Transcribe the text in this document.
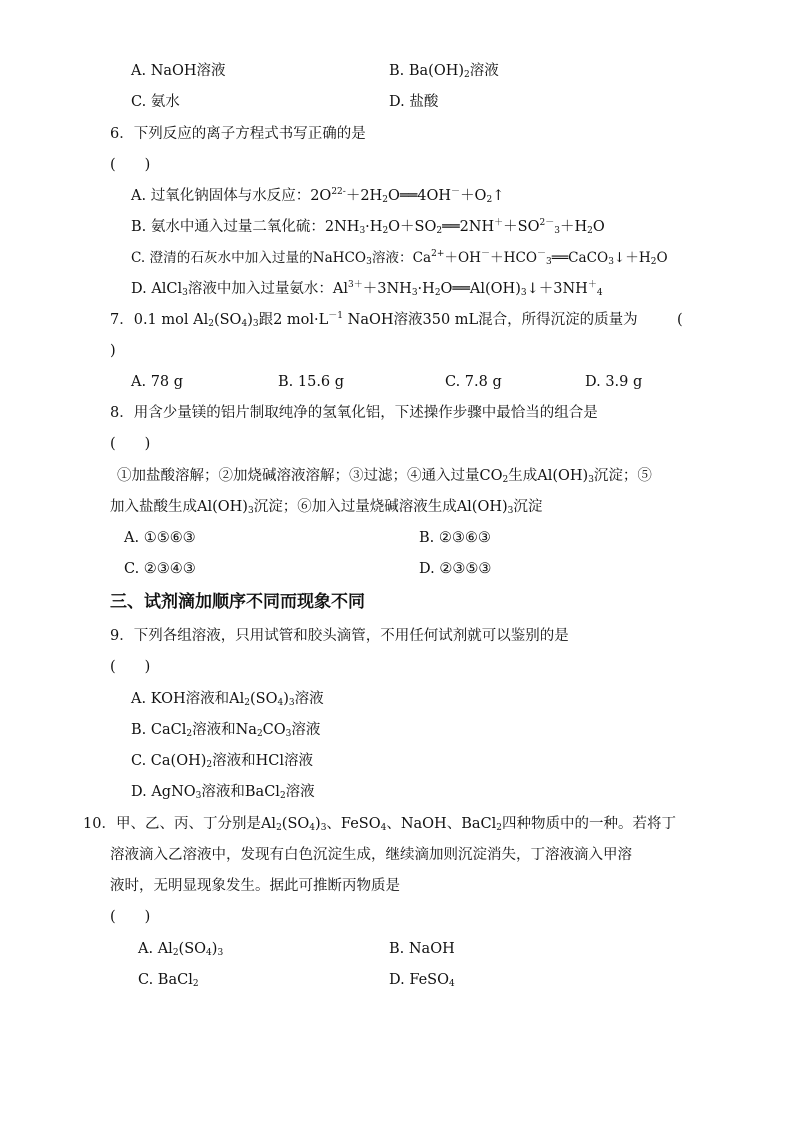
A. NaOH溶液	B. $Ba(OH)_2$溶液
C. 氨水	D. 盐酸
6．下列反应的离子方程式书写正确的是
(　　)
A. 过氧化钠固体与水反应：$2O^{22-}+2H_2O══4OH^-+O_2↑$
B. 氨水中通入过量二氧化硫：$2NH_3\cdot H_2O+SO_2══2NH^++SO^{2-}_3+H_2O$
C. 澄清的石灰水中加入过量的NaHCO$_3$溶液：$Ca^{2+}+OH^-+HCO^-_3══CaCO_3↓+H_2O$
D. AlCl$_3$溶液中加入过量氨水：$Al^{3+}+3NH_3\cdot H_2O══Al(OH)_3↓+3NH^+_4$
7．0.1 mol $Al_2(SO_4)_3$跟2 $mol\cdot L^{-1}$ NaOH溶液350 mL混合，所得沉淀的质量为	(
)
A. 78 g	B. 15.6 g	C. 7.8 g	D. 3.9 g
8．用含少量镁的铝片制取纯净的氢氧化铝，下述操作步骤中最恰当的组合是
(　　)
①加盐酸溶解；②加烧碱溶液溶解；③过滤；④通入过量$CO_2$生成$Al(OH)_3$沉淀；⑤
加入盐酸生成$Al(OH)_3$沉淀；⑥加入过量烧碱溶液生成$Al(OH)_3$沉淀
A. ①⑤⑥③	B. ②③⑥③
C. ②③④③	D. ②③⑤③
三、试剂滴加顺序不同而现象不同
9．下列各组溶液，只用试管和胶头滴管，不用任何试剂就可以鉴别的是
(　　)
A. KOH溶液和$Al_2(SO_4)_3$溶液
B. CaCl$_2$溶液和$Na_2CO_3$溶液
C. $Ca(OH)_2$溶液和HCl溶液
D. AgNO$_3$溶液和BaCl$_2$溶液
10．甲、乙、丙、丁分别是$Al_2(SO_4)_3$、FeSO$_4$、NaOH、BaCl$_2$四种物质中的一种。若将丁
溶液滴入乙溶液中，发现有白色沉淀生成，继续滴加则沉淀消失，丁溶液滴入甲溶
液时，无明显现象发生。据此可推断丙物质是
(　　)
A. $Al_2(SO_4)_3$	B. NaOH
C. BaCl$_2$	D. FeSO$_4$
